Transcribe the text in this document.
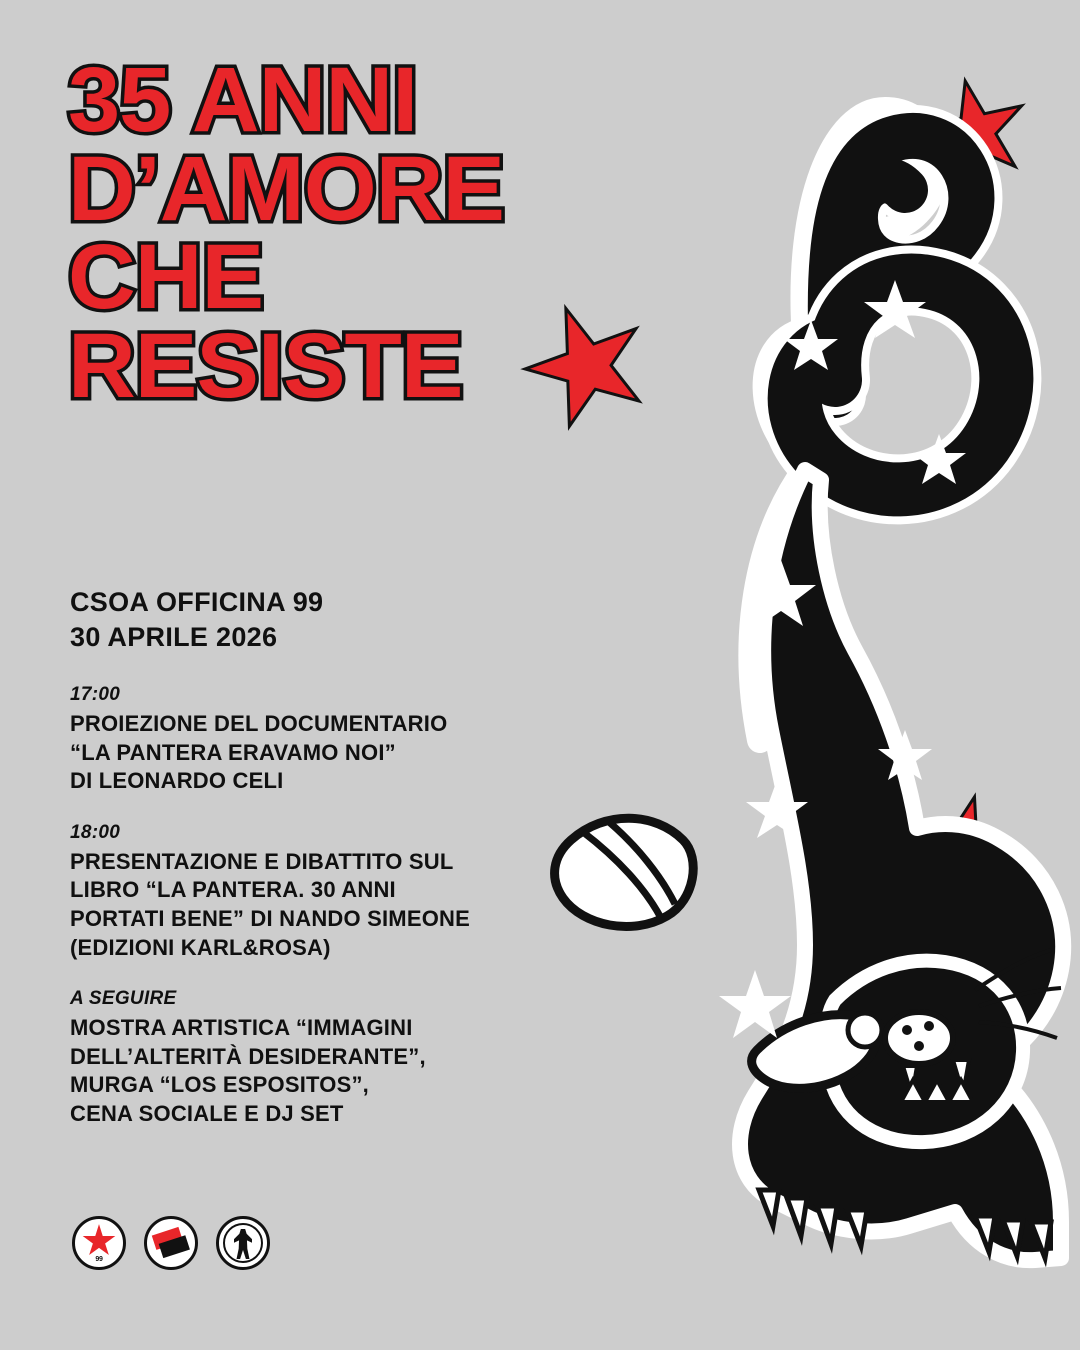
35 ANNI
D’AMORE
CHE
RESISTE
CSOA OFFICINA 99
30 APRILE 2026
17:00
PROIEZIONE DEL DOCUMENTARIO
“LA PANTERA ERAVAMO NOI”
DI LEONARDO CELI
18:00
PRESENTAZIONE E DIBATTITO SUL
LIBRO “LA PANTERA. 30 ANNI
PORTATI BENE” DI NANDO SIMEONE
(EDIZIONI KARL&ROSA)
A SEGUIRE
MOSTRA ARTISTICA “IMMAGINI
DELL’ALTERITÀ DESIDERANTE”,
MURGA “LOS ESPOSITOS”,
CENA SOCIALE E DJ SET
99
